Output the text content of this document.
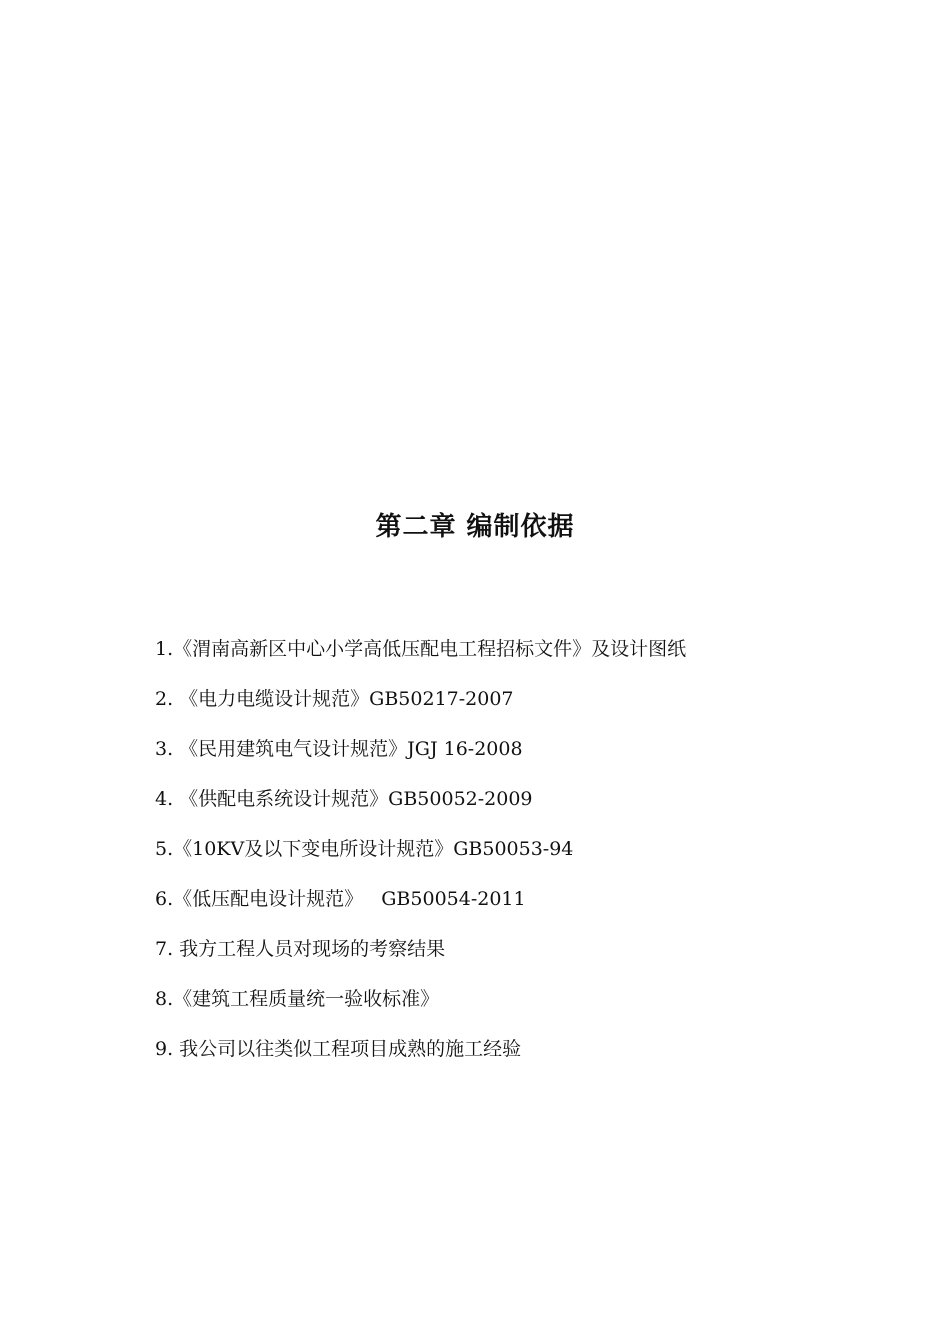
第二章 编制依据
1.《渭南高新区中心小学高低压配电工程招标文件》及设计图纸
2. 《电力电缆设计规范》GB50217-2007
3. 《民用建筑电气设计规范》JGJ 16-2008
4. 《供配电系统设计规范》GB50052-2009
5.《10KV及以下变电所设计规范》GB50053-94
6.《低压配电设计规范》   GB50054-2011
7. 我方工程人员对现场的考察结果
8.《建筑工程质量统一验收标准》
9. 我公司以往类似工程项目成熟的施工经验
